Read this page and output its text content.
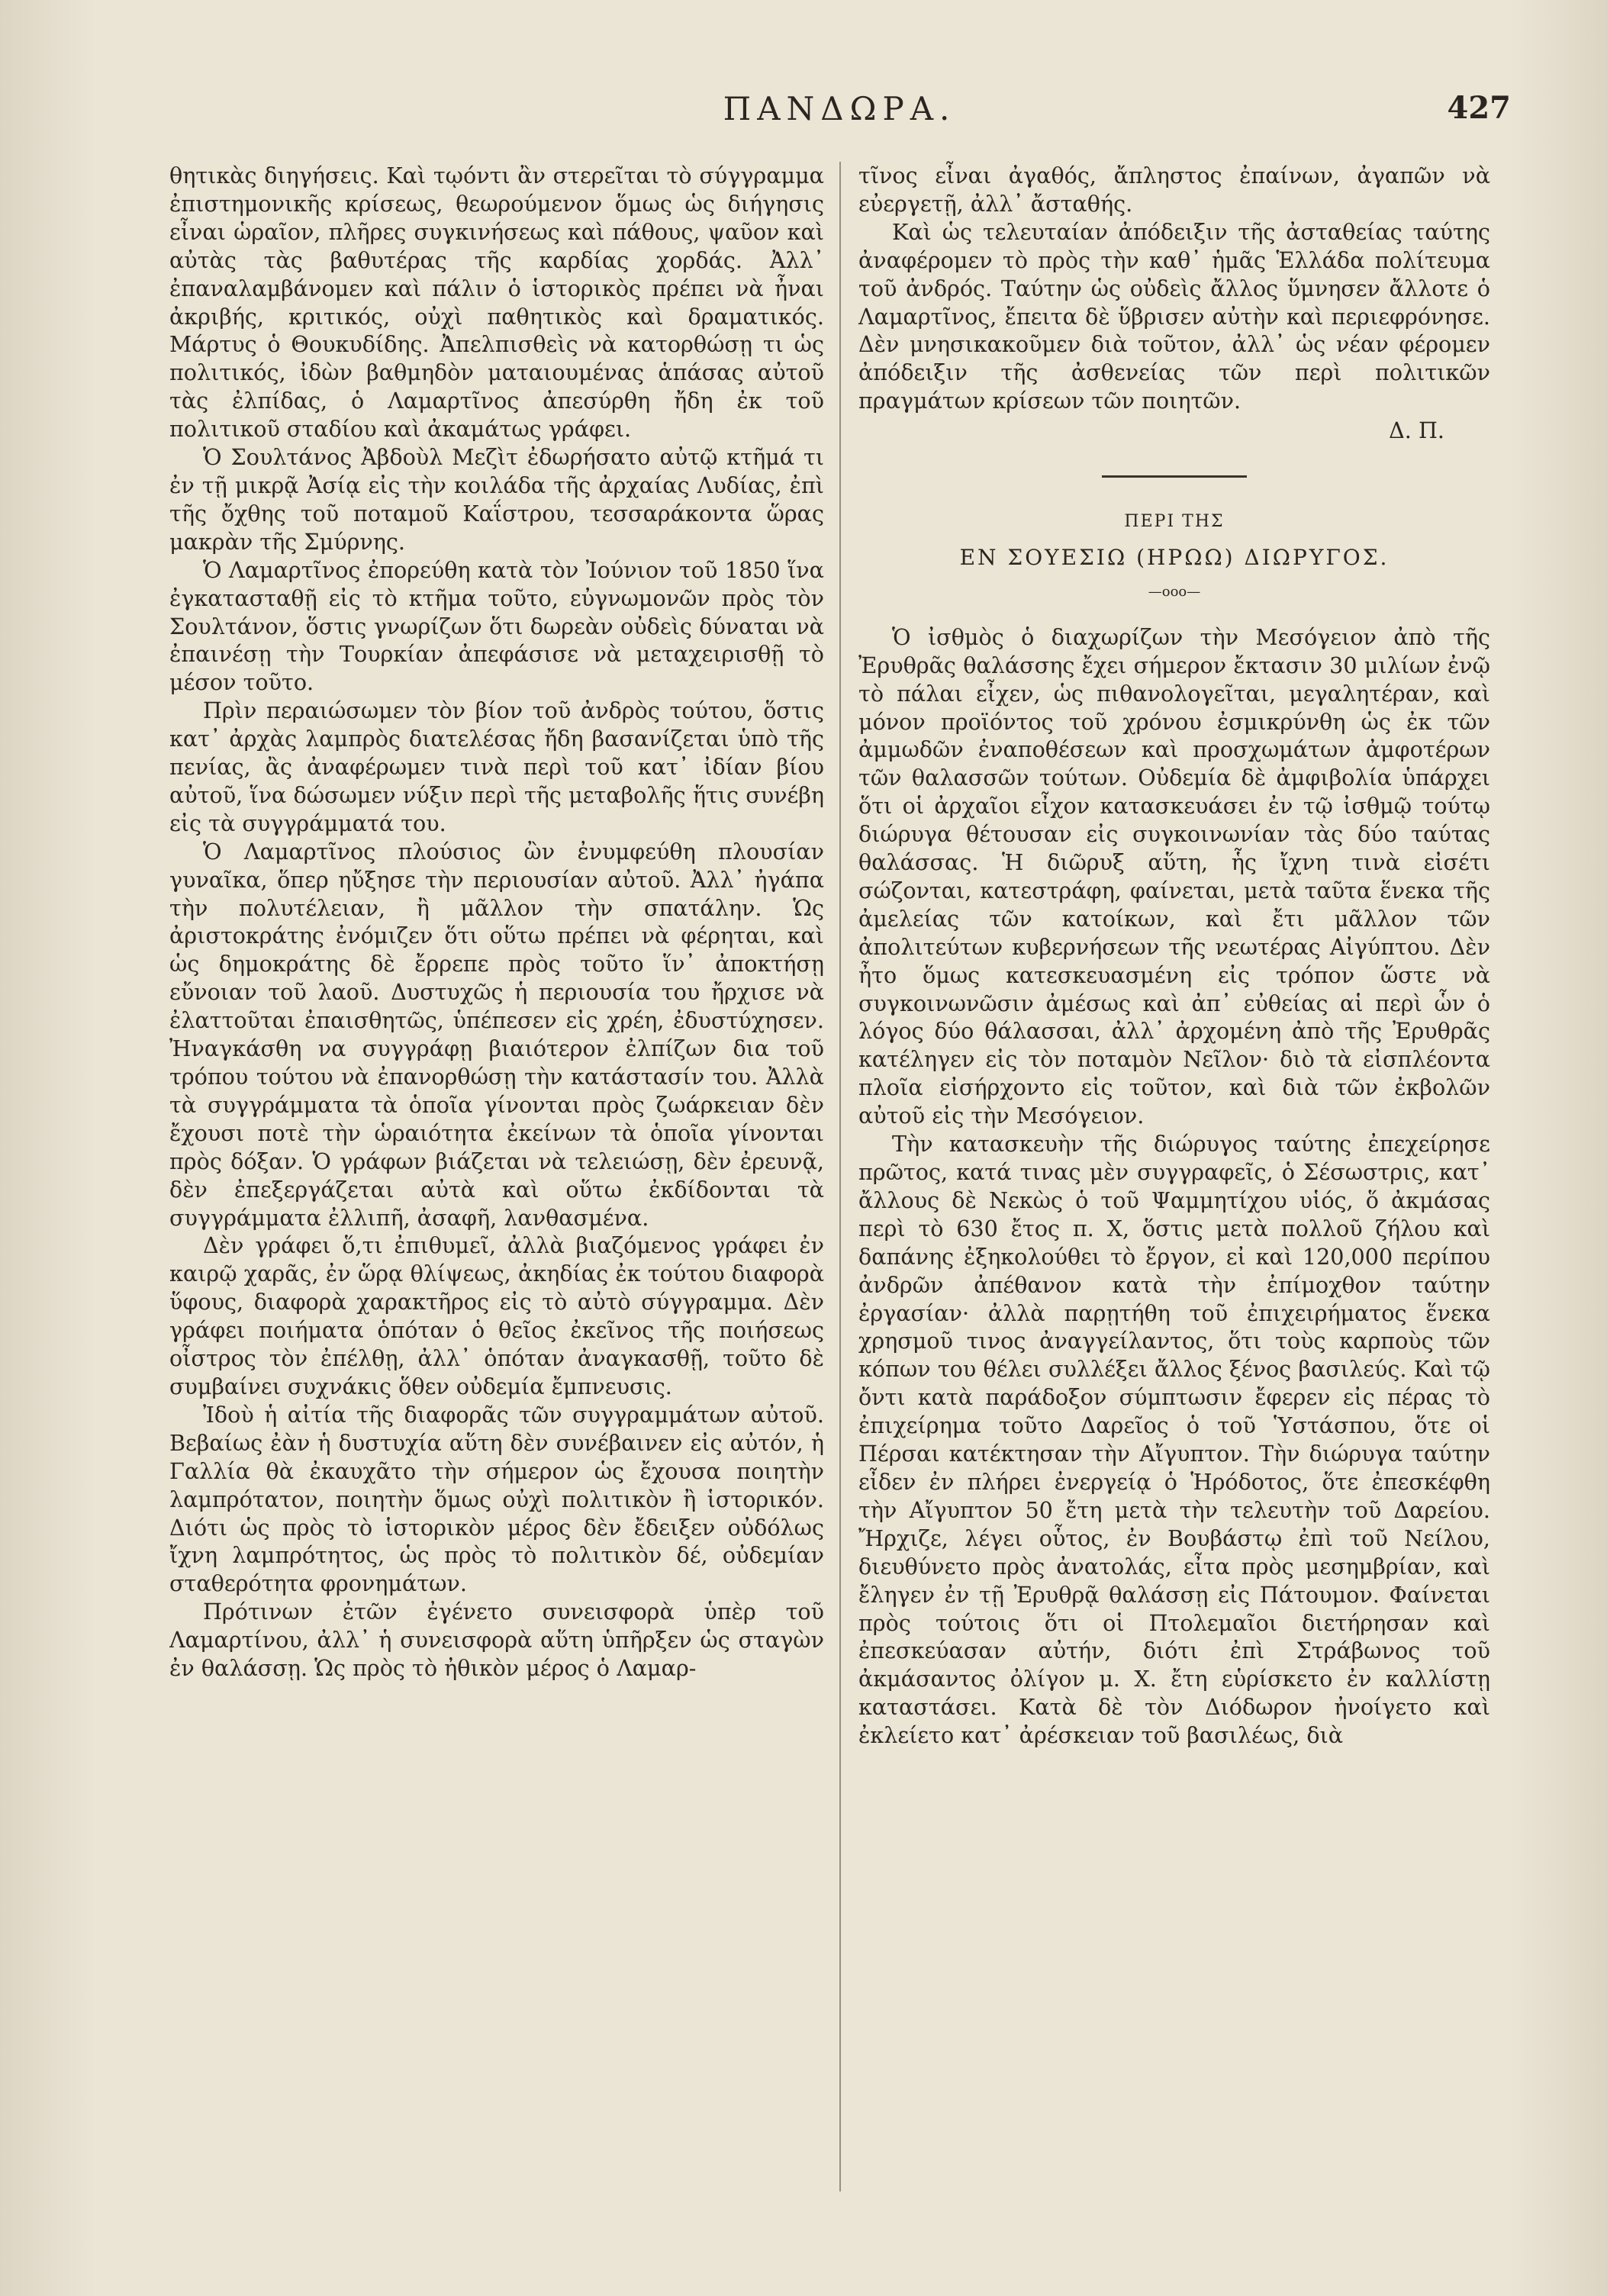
ΠΑΝΔΩΡΑ.	427

θητικὰς διηγήσεις. Καὶ τῳόντι ἂν στερεῖται τὸ σύγγραμμα ἐπιστημονικῆς κρίσεως, θεωρούμενον ὅμως ὡς διήγησις εἶναι ὡραῖον, πλῆρες συγκινήσεως καὶ πάθους, ψαῦον καὶ αὐτὰς τὰς βαθυτέρας τῆς καρδίας χορδάς. Ἀλλ᾽ ἐπαναλαμβάνομεν καὶ πάλιν ὁ ἱστορικὸς πρέπει νὰ ἦναι ἀκριβής, κριτικός, οὐχὶ παθητικὸς καὶ δραματικός. Μάρτυς ὁ Θουκυδίδης. Ἀπελπισθεὶς νὰ κατορθώσῃ τι ὡς πολιτικός, ἰδὼν βαθμηδὸν ματαιουμένας ἁπάσας αὐτοῦ τὰς ἐλπίδας, ὁ Λαμαρτῖνος ἀπεσύρθη ἤδη ἐκ τοῦ πολιτικοῦ σταδίου καὶ ἀκαμάτως γράφει.

Ὁ Σουλτάνος Ἀβδοὺλ Μεζὶτ ἐδωρήσατο αὐτῷ κτῆμά τι ἐν τῇ μικρᾷ Ἀσίᾳ εἰς τὴν κοιλάδα τῆς ἀρχαίας Λυδίας, ἐπὶ τῆς ὄχθης τοῦ ποταμοῦ Καΐστρου, τεσσαράκοντα ὥρας μακρὰν τῆς Σμύρνης.

Ὁ Λαμαρτῖνος ἐπορεύθη κατὰ τὸν Ἰούνιον τοῦ 1850 ἵνα ἐγκατασταθῇ εἰς τὸ κτῆμα τοῦτο, εὐγνωμονῶν πρὸς τὸν Σουλτάνον, ὅστις γνωρίζων ὅτι δωρεὰν οὐδεὶς δύναται νὰ ἐπαινέσῃ τὴν Τουρκίαν ἀπεφάσισε νὰ μεταχειρισθῇ τὸ μέσον τοῦτο.

Πρὶν περαιώσωμεν τὸν βίον τοῦ ἀνδρὸς τούτου, ὅστις κατ᾽ ἀρχὰς λαμπρὸς διατελέσας ἤδη βασανίζεται ὑπὸ τῆς πενίας, ἂς ἀναφέρωμεν τινὰ περὶ τοῦ κατ᾽ ἰδίαν βίου αὐτοῦ, ἵνα δώσωμεν νύξιν περὶ τῆς μεταβολῆς ἥτις συνέβη εἰς τὰ συγγράμματά του.

Ὁ Λαμαρτῖνος πλούσιος ὢν ἐνυμφεύθη πλουσίαν γυναῖκα, ὅπερ ηὔξησε τὴν περιουσίαν αὐτοῦ. Ἀλλ᾽ ἠγάπα τὴν πολυτέλειαν, ἢ μᾶλλον τὴν σπατάλην. Ὡς ἀριστοκράτης ἐνόμιζεν ὅτι οὕτω πρέπει νὰ φέρηται, καὶ ὡς δημοκράτης δὲ ἔρρεπε πρὸς τοῦτο ἵν᾽ ἀποκτήσῃ εὔνοιαν τοῦ λαοῦ. Δυστυχῶς ἡ περιουσία του ἤρχισε νὰ ἐλαττοῦται ἐπαισθητῶς, ὑπέπεσεν εἰς χρέη, ἐδυστύχησεν. Ἠναγκάσθη να συγγράφῃ βιαιότερον ἐλπίζων δια τοῦ τρόπου τούτου νὰ ἐπανορθώσῃ τὴν κατάστασίν του. Ἀλλὰ τὰ συγγράμματα τὰ ὁποῖα γίνονται πρὸς ζωάρκειαν δὲν ἔχουσι ποτὲ τὴν ὡραιότητα ἐκείνων τὰ ὁποῖα γίνονται πρὸς δόξαν. Ὁ γράφων βιάζεται νὰ τελειώσῃ, δὲν ἐρευνᾷ, δὲν ἐπεξεργάζεται αὐτὰ καὶ οὕτω ἐκδίδονται τὰ συγγράμματα ἐλλιπῆ, ἀσαφῆ, λανθασμένα.

Δὲν γράφει ὅ,τι ἐπιθυμεῖ, ἀλλὰ βιαζόμενος γράφει ἐν καιρῷ χαρᾶς, ἐν ὥρᾳ θλίψεως, ἀκηδίας ἐκ τούτου διαφορὰ ὕφους, διαφορὰ χαρακτῆρος εἰς τὸ αὐτὸ σύγγραμμα. Δὲν γράφει ποιήματα ὁπόταν ὁ θεῖος ἐκεῖνος τῆς ποιήσεως οἶστρος τὸν ἐπέλθῃ, ἀλλ᾽ ὁπόταν ἀναγκασθῇ, τοῦτο δὲ συμβαίνει συχνάκις ὅθεν οὐδεμία ἔμπνευσις.

Ἰδοὺ ἡ αἰτία τῆς διαφορᾶς τῶν συγγραμμάτων αὐτοῦ. Βεβαίως ἐὰν ἡ δυστυχία αὕτη δὲν συνέβαινεν εἰς αὐτόν, ἡ Γαλλία θὰ ἐκαυχᾶτο τὴν σήμερον ὡς ἔχουσα ποιητὴν λαμπρότατον, ποιητὴν ὅμως οὐχὶ πολιτικὸν ἢ ἱστορικόν. Διότι ὡς πρὸς τὸ ἱστορικὸν μέρος δὲν ἔδειξεν οὐδόλως ἴχνη λαμπρότητος, ὡς πρὸς τὸ πολιτικὸν δέ, οὐδεμίαν σταθερότητα φρονημάτων.

Πρότινων ἐτῶν ἐγένετο συνεισφορὰ ὑπὲρ τοῦ Λαμαρτίνου, ἀλλ᾽ ἡ συνεισφορὰ αὕτη ὑπῆρξεν ὡς σταγὼν ἐν θαλάσσῃ. Ὡς πρὸς τὸ ἠθικὸν μέρος ὁ Λαμαρ-

τῖνος εἶναι ἀγαθός, ἄπληστος ἐπαίνων, ἀγαπῶν νὰ εὐεργετῇ, ἀλλ᾽ ἄσταθής.

Καὶ ὡς τελευταίαν ἀπόδειξιν τῆς ἀσταθείας ταύτης ἀναφέρομεν τὸ πρὸς τὴν καθ᾽ ἡμᾶς Ἑλλάδα πολίτευμα τοῦ ἀνδρός. Ταύτην ὡς οὐδεὶς ἄλλος ὕμνησεν ἄλλοτε ὁ Λαμαρτῖνος, ἔπειτα δὲ ὕβρισεν αὐτὴν καὶ περιεφρόνησε. Δὲν μνησικακοῦμεν διὰ τοῦτον, ἀλλ᾽ ὡς νέαν φέρομεν ἀπόδειξιν τῆς ἀσθενείας τῶν περὶ πολιτικῶν πραγμάτων κρίσεων τῶν ποιητῶν.

Δ. Π.
ΠΕΡΙ ΤΗΣ
ΕΝ ΣΟΥΕΣΙΩ (ΗΡΩΩ) ΔΙΩΡΥΓΟΣ.
—οοο—

Ὁ ἰσθμὸς ὁ διαχωρίζων τὴν Μεσόγειον ἀπὸ τῆς Ἐρυθρᾶς θαλάσσης ἔχει σήμερον ἔκτασιν 30 μιλίων ἐνῷ τὸ πάλαι εἶχεν, ὡς πιθανολογεῖται, μεγαλητέραν, καὶ μόνον προϊόντος τοῦ χρόνου ἐσμικρύνθη ὡς ἐκ τῶν ἀμμωδῶν ἐναποθέσεων καὶ προσχωμάτων ἀμφοτέρων τῶν θαλασσῶν τούτων. Οὐδεμία δὲ ἀμφιβολία ὑπάρχει ὅτι οἱ ἀρχαῖοι εἶχον κατασκευάσει ἐν τῷ ἰσθμῷ τούτῳ διώρυγα θέτουσαν εἰς συγκοινωνίαν τὰς δύο ταύτας θαλάσσας. Ἡ διῶρυξ αὕτη, ἧς ἴχνη τινὰ εἰσέτι σώζονται, κατεστράφη, φαίνεται, μετὰ ταῦτα ἕνεκα τῆς ἀμελείας τῶν κατοίκων, καὶ ἔτι μᾶλλον τῶν ἀπολιτεύτων κυβερνήσεων τῆς νεωτέρας Αἰγύπτου. Δὲν ἦτο ὅμως κατεσκευασμένη εἰς τρόπον ὥστε νὰ συγκοινωνῶσιν ἀμέσως καὶ ἀπ᾽ εὐθείας αἱ περὶ ὧν ὁ λόγος δύο θάλασσαι, ἀλλ᾽ ἀρχομένη ἀπὸ τῆς Ἐρυθρᾶς κατέληγεν εἰς τὸν ποταμὸν Νεῖλον· διὸ τὰ εἰσπλέοντα πλοῖα εἰσήρχοντο εἰς τοῦτον, καὶ διὰ τῶν ἐκβολῶν αὐτοῦ εἰς τὴν Μεσόγειον.

Τὴν κατασκευὴν τῆς διώρυγος ταύτης ἐπεχείρησε πρῶτος, κατά τινας μὲν συγγραφεῖς, ὁ Σέσωστρις, κατ᾽ ἄλλους δὲ Νεκὼς ὁ τοῦ Ψαμμητίχου υἱός, ὅ ἀκμάσας περὶ τὸ 630 ἔτος π. Χ, ὅστις μετὰ πολλοῦ ζήλου καὶ δαπάνης ἐξηκολούθει τὸ ἔργον, εἰ καὶ 120,000 περίπου ἀνδρῶν ἀπέθανον κατὰ τὴν ἐπίμοχθον ταύτην ἐργασίαν· ἀλλὰ παρῃτήθη τοῦ ἐπιχειρήματος ἕνεκα χρησμοῦ τινος ἀναγγείλαντος, ὅτι τοὺς καρποὺς τῶν κόπων του θέλει συλλέξει ἄλλος ξένος βασιλεύς. Καὶ τῷ ὄντι κατὰ παράδοξον σύμπτωσιν ἔφερεν εἰς πέρας τὸ ἐπιχείρημα τοῦτο Δαρεῖος ὁ τοῦ Ὑστάσπου, ὅτε οἱ Πέρσαι κατέκτησαν τὴν Αἴγυπτον. Τὴν διώρυγα ταύτην εἶδεν ἐν πλήρει ἐνεργείᾳ ὁ Ἡρόδοτος, ὅτε ἐπεσκέφθη τὴν Αἴγυπτον 50 ἔτη μετὰ τὴν τελευτὴν τοῦ Δαρείου. Ἤρχιζε, λέγει οὗτος, ἐν Βουβάστῳ ἐπὶ τοῦ Νείλου, διευθύνετο πρὸς ἀνατολάς, εἶτα πρὸς μεσημβρίαν, καὶ ἔληγεν ἐν τῇ Ἐρυθρᾷ θαλάσσῃ εἰς Πάτουμον. Φαίνεται πρὸς τούτοις ὅτι οἱ Πτολεμαῖοι διετήρησαν καὶ ἐπεσκεύασαν αὐτήν, διότι ἐπὶ Στράβωνος τοῦ ἀκμάσαντος ὀλίγον μ. Χ. ἔτη εὑρίσκετο ἐν καλλίστῃ καταστάσει. Κατὰ δὲ τὸν Διόδωρον ἠνοίγετο καὶ ἐκλείετο κατ᾽ ἀρέσκειαν τοῦ βασιλέως, διὰ
